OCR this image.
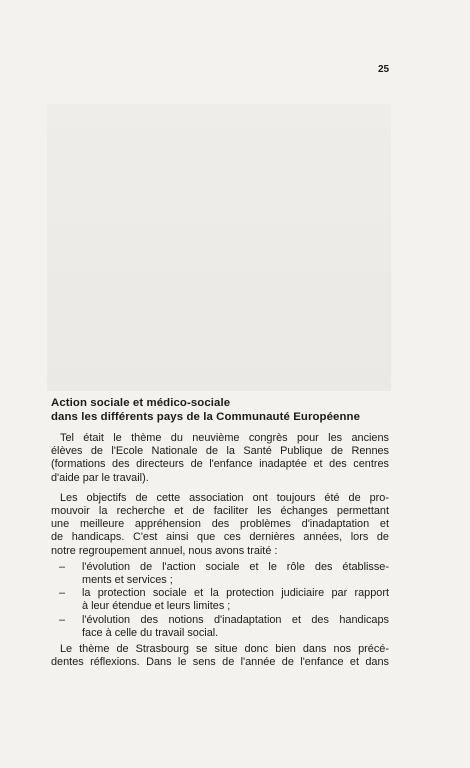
25
Action sociale et médico-sociale
dans les différents pays de la Communauté Européenne

Tel était le thème du neuvième congrès pour les anciens
élèves de l'Ecole Nationale de la Santé Publique de Rennes
(formations des directeurs de l'enfance inadaptée et des centres
d'aide par le travail).

Les objectifs de cette association ont toujours été de pro-
mouvoir la recherche et de faciliter les échanges permettant
une meilleure appréhension des problèmes d'inadaptation et
de handicaps. C'est ainsi que ces dernières années, lors de
notre regroupement annuel, nous avons traité :

– l'évolution de l'action sociale et le rôle des établisse-
ments et services ;
– la protection sociale et la protection judiciaire par rapport
à leur étendue et leurs limites ;
– l'évolution des notions d'inadaptation et des handicaps
face à celle du travail social.

Le thème de Strasbourg se situe donc bien dans nos précé-
dentes réflexions. Dans le sens de l'année de l'enfance et dans
